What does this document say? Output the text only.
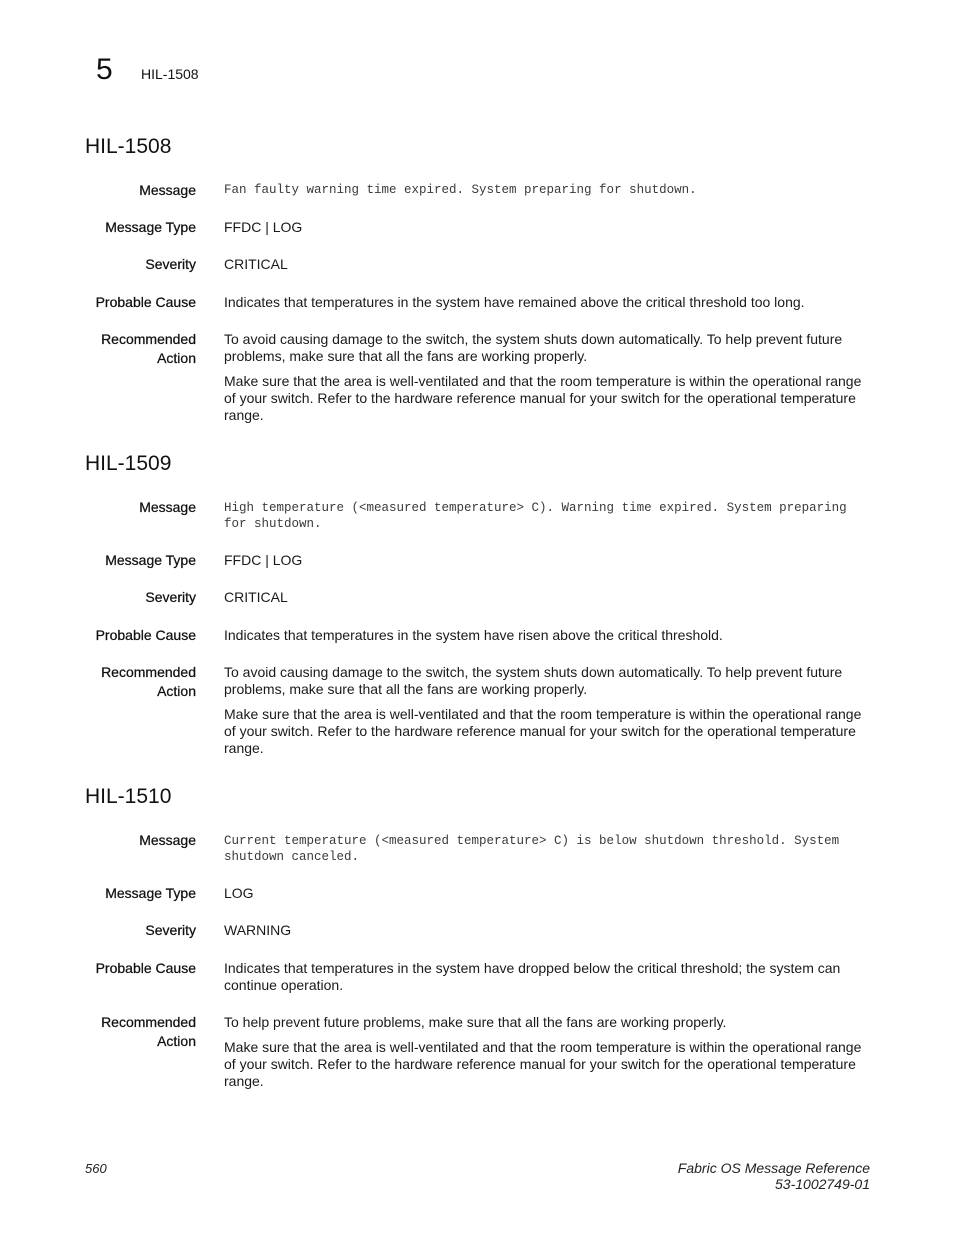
5 HIL-1508
HIL-1508
Message Fan faulty warning time expired. System preparing for shutdown.
Message Type FFDC | LOG
Severity CRITICAL
Probable Cause Indicates that temperatures in the system have remained above the critical threshold too long.
Recommended
Action
To avoid causing damage to the switch, the system shuts down automatically. To help prevent future problems, make sure that all the fans are working properly.
Make sure that the area is well-ventilated and that the room temperature is within the operational range of your switch. Refer to the hardware reference manual for your switch for the operational temperature range.
HIL-1509
Message High temperature (<measured temperature> C). Warning time expired. System preparing for shutdown.
Message Type FFDC | LOG
Severity CRITICAL
Probable Cause Indicates that temperatures in the system have risen above the critical threshold.
Recommended
Action
To avoid causing damage to the switch, the system shuts down automatically. To help prevent future problems, make sure that all the fans are working properly.
Make sure that the area is well-ventilated and that the room temperature is within the operational range of your switch. Refer to the hardware reference manual for your switch for the operational temperature range.
HIL-1510
Message Current temperature (<measured temperature> C) is below shutdown threshold. System shutdown canceled.
Message Type LOG
Severity WARNING
Probable Cause Indicates that temperatures in the system have dropped below the critical threshold; the system can continue operation.
Recommended
Action
To help prevent future problems, make sure that all the fans are working properly.
Make sure that the area is well-ventilated and that the room temperature is within the operational range of your switch. Refer to the hardware reference manual for your switch for the operational temperature range.
560	Fabric OS Message Reference
53-1002749-01
